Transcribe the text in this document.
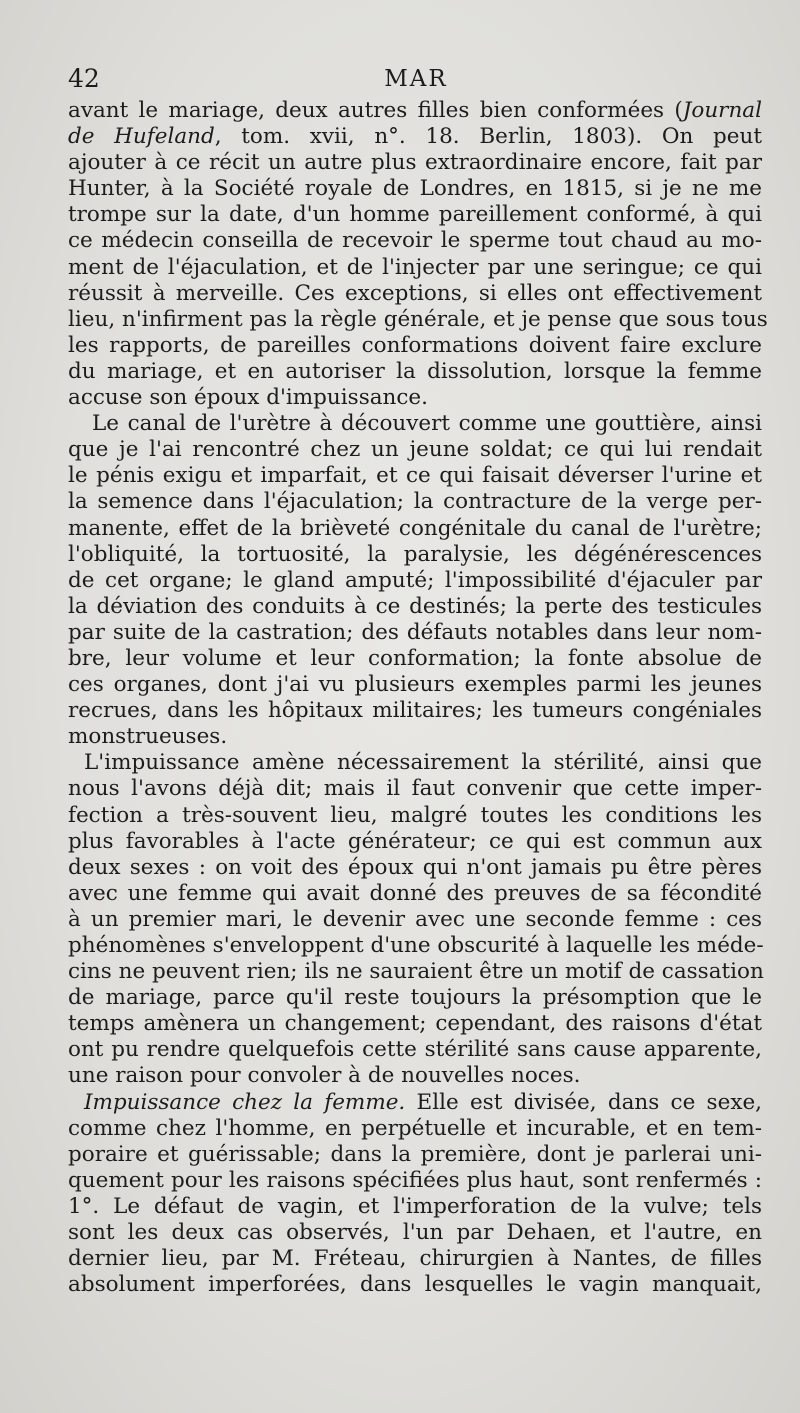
42	MAR
avant le mariage, deux autres filles bien conformées (Journal
de Hufeland, tom. xvii, n°. 18. Berlin, 1803). On peut
ajouter à ce récit un autre plus extraordinaire encore, fait par
Hunter, à la Société royale de Londres, en 1815, si je ne me
trompe sur la date, d'un homme pareillement conformé, à qui
ce médecin conseilla de recevoir le sperme tout chaud au mo-
ment de l'éjaculation, et de l'injecter par une seringue; ce qui
réussit à merveille. Ces exceptions, si elles ont effectivement
lieu, n'infirment pas la règle générale, et je pense que sous tous
les rapports, de pareilles conformations doivent faire exclure
du mariage, et en autoriser la dissolution, lorsque la femme
accuse son époux d'impuissance.
Le canal de l'urètre à découvert comme une gouttière, ainsi
que je l'ai rencontré chez un jeune soldat; ce qui lui rendait
le pénis exigu et imparfait, et ce qui faisait déverser l'urine et
la semence dans l'éjaculation; la contracture de la verge per-
manente, effet de la brièveté congénitale du canal de l'urètre;
l'obliquité, la tortuosité, la paralysie, les dégénérescences
de cet organe; le gland amputé; l'impossibilité d'éjaculer par
la déviation des conduits à ce destinés; la perte des testicules
par suite de la castration; des défauts notables dans leur nom-
bre, leur volume et leur conformation; la fonte absolue de
ces organes, dont j'ai vu plusieurs exemples parmi les jeunes
recrues, dans les hôpitaux militaires; les tumeurs congéniales
monstrueuses.
L'impuissance amène nécessairement la stérilité, ainsi que
nous l'avons déjà dit; mais il faut convenir que cette imper-
fection a très-souvent lieu, malgré toutes les conditions les
plus favorables à l'acte générateur; ce qui est commun aux
deux sexes : on voit des époux qui n'ont jamais pu être pères
avec une femme qui avait donné des preuves de sa fécondité
à un premier mari, le devenir avec une seconde femme : ces
phénomènes s'enveloppent d'une obscurité à laquelle les méde-
cins ne peuvent rien; ils ne sauraient être un motif de cassation
de mariage, parce qu'il reste toujours la présomption que le
temps amènera un changement; cependant, des raisons d'état
ont pu rendre quelquefois cette stérilité sans cause apparente,
une raison pour convoler à de nouvelles noces.
Impuissance chez la femme. Elle est divisée, dans ce sexe,
comme chez l'homme, en perpétuelle et incurable, et en tem-
poraire et guérissable; dans la première, dont je parlerai uni-
quement pour les raisons spécifiées plus haut, sont renfermés :
1°. Le défaut de vagin, et l'imperforation de la vulve; tels
sont les deux cas observés, l'un par Dehaen, et l'autre, en
dernier lieu, par M. Fréteau, chirurgien à Nantes, de filles
absolument imperforées, dans lesquelles le vagin manquait,
